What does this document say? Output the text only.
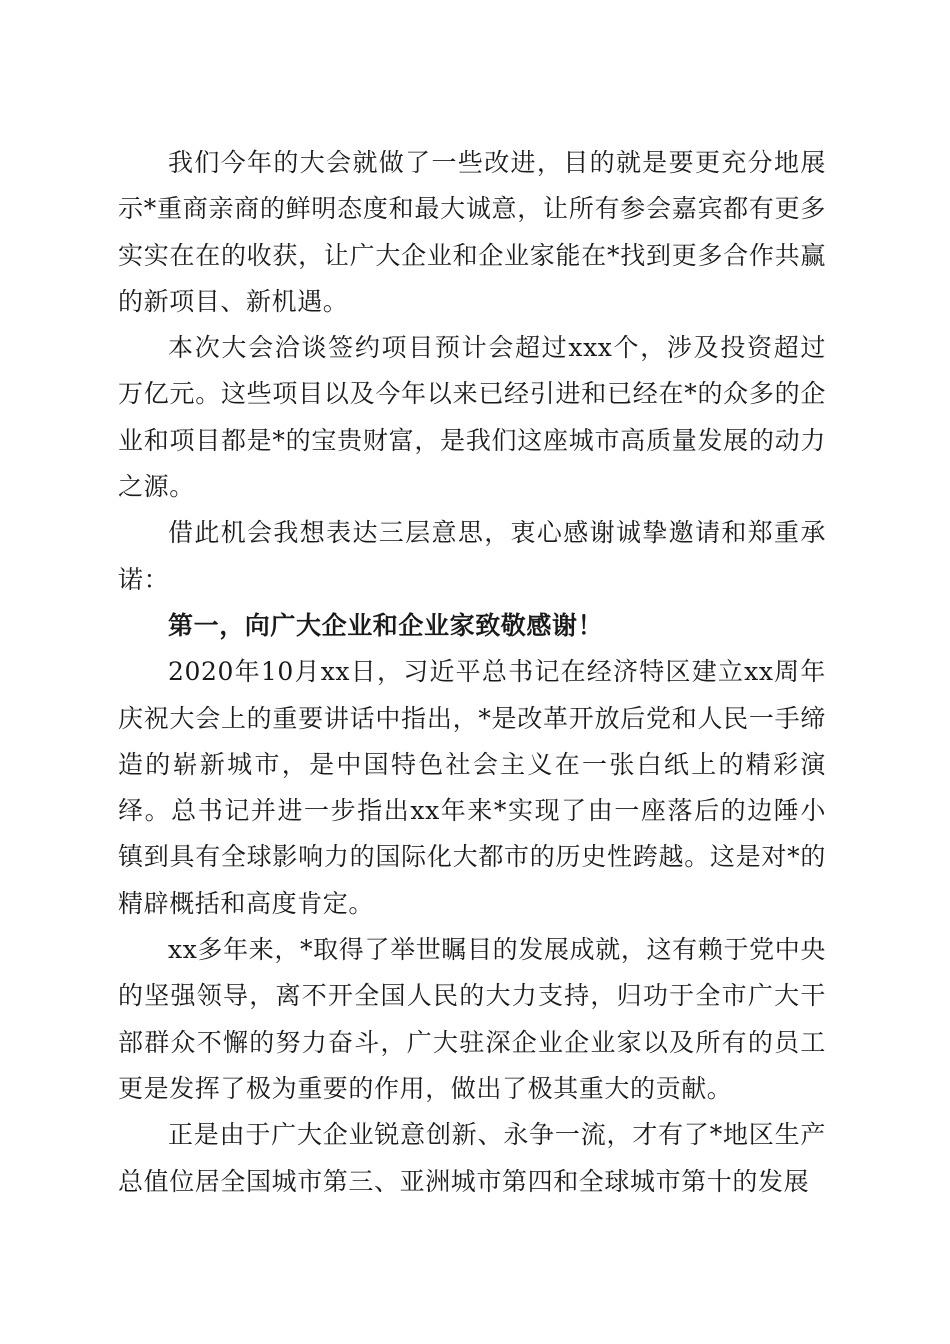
我们今年的大会就做了一些改进，目的就是要更充分地展示*重商亲商的鲜明态度和最大诚意，让所有参会嘉宾都有更多实实在在的收获，让广大企业和企业家能在*找到更多合作共赢的新项目、新机遇。

本次大会洽谈签约项目预计会超过xxx个，涉及投资超过万亿元。这些项目以及今年以来已经引进和已经在*的众多的企业和项目都是*的宝贵财富，是我们这座城市高质量发展的动力之源。

借此机会我想表达三层意思，衷心感谢诚挚邀请和郑重承诺：

第一，向广大企业和企业家致敬感谢！

2020年10月xx日，习近平总书记在经济特区建立xx周年庆祝大会上的重要讲话中指出，*是改革开放后党和人民一手缔造的崭新城市，是中国特色社会主义在一张白纸上的精彩演绎。总书记并进一步指出xx年来*实现了由一座落后的边陲小镇到具有全球影响力的国际化大都市的历史性跨越。这是对*的精辟概括和高度肯定。

xx多年来，*取得了举世瞩目的发展成就，这有赖于党中央的坚强领导，离不开全国人民的大力支持，归功于全市广大干部群众不懈的努力奋斗，广大驻深企业企业家以及所有的员工更是发挥了极为重要的作用，做出了极其重大的贡献。

正是由于广大企业锐意创新、永争一流，才有了*地区生产总值位居全国城市第三、亚洲城市第四和全球城市第十的发展
